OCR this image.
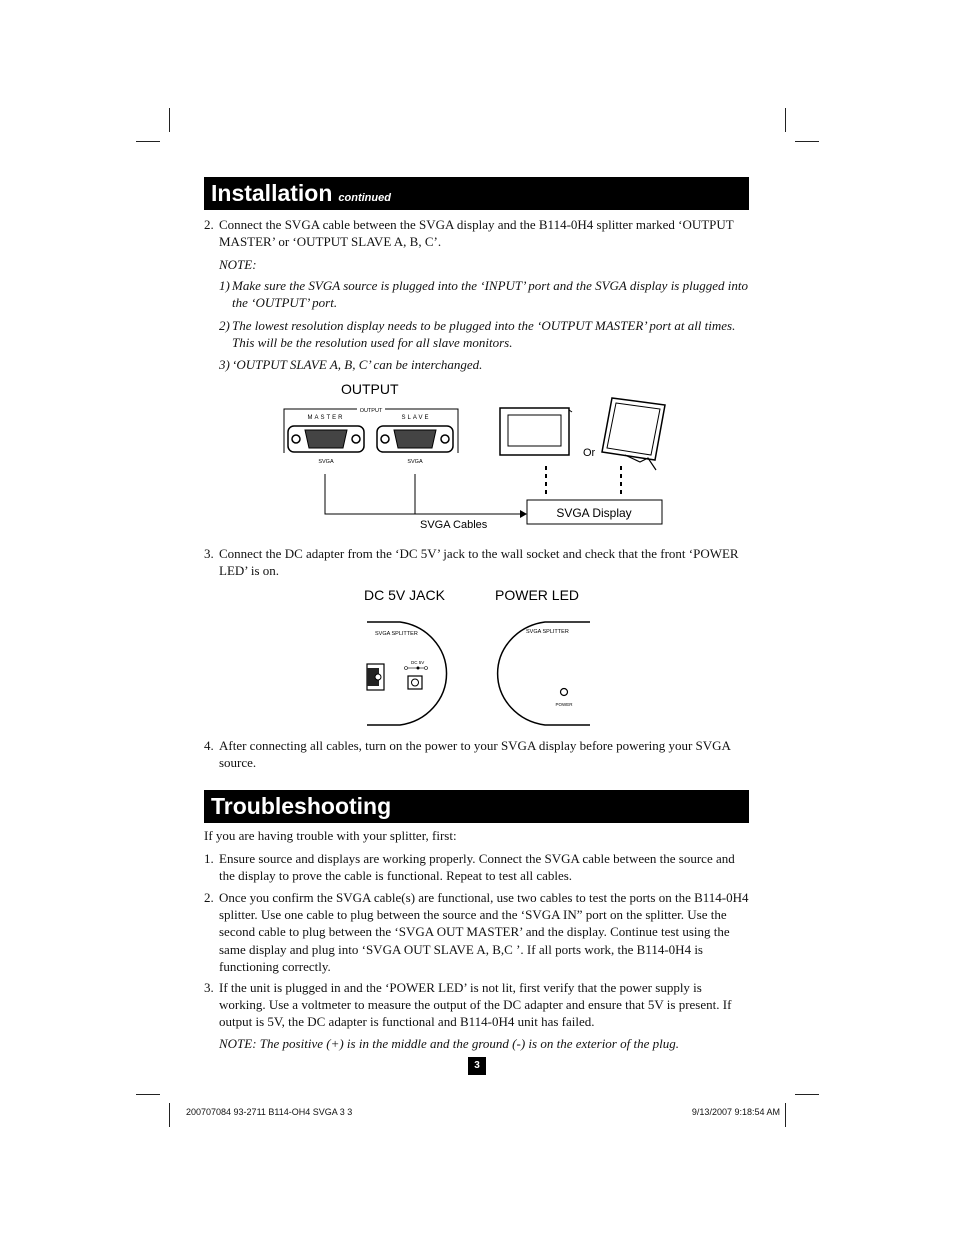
Installation continued
2. Connect the SVGA cable between the SVGA display and the B114-0H4 splitter marked ‘OUTPUT MASTER’ or ‘OUTPUT SLAVE A, B, C’.
NOTE:
1) Make sure the SVGA source is plugged into the ‘INPUT’ port and the SVGA display is plugged into the ‘OUTPUT’ port.
2) The lowest resolution display needs to be plugged into the ‘OUTPUT MASTER’ port at all times. This will be the resolution used for all slave monitors.
3) ‘OUTPUT SLAVE A, B, C’ can be interchanged.
OUTPUT
OUTPUT
MASTER	SLAVE
SVGA	SVGA
SVGA Cables
Or
SVGA Display
3. Connect the DC adapter from the ‘DC 5V’ jack to the wall socket and check that the front ‘POWER LED’ is on.
DC 5V JACK	POWER LED
SVGA SPLITTER
DC 5V
SVGA SPLITTER
POWER
4. After connecting all cables, turn on the power to your SVGA display before powering your SVGA source.
Troubleshooting
If you are having trouble with your splitter, first:
1. Ensure source and displays are working properly. Connect the SVGA cable between the source and the display to prove the cable is functional. Repeat to test all cables.
2. Once you confirm the SVGA cable(s) are functional, use two cables to test the ports on the B114-0H4 splitter. Use one cable to plug between the source and the ‘SVGA IN” port on the splitter. Use the second cable to plug between the ‘SVGA OUT MASTER’ and the display. Continue test using the same display and plug into ‘SVGA OUT SLAVE A, B,C ’. If all ports work, the B114-0H4 is functioning correctly.
3. If the unit is plugged in and the ‘POWER LED’ is not lit, first verify that the power supply is working. Use a voltmeter to measure the output of the DC adapter and ensure that 5V is present. If output is 5V, the DC adapter is functional and B114-0H4 unit has failed.
NOTE: The positive (+) is in the middle and the ground (-) is on the exterior of the plug.
3
200707084 93-2711 B114-OH4 SVGA 3 3	9/13/2007 9:18:54 AM
